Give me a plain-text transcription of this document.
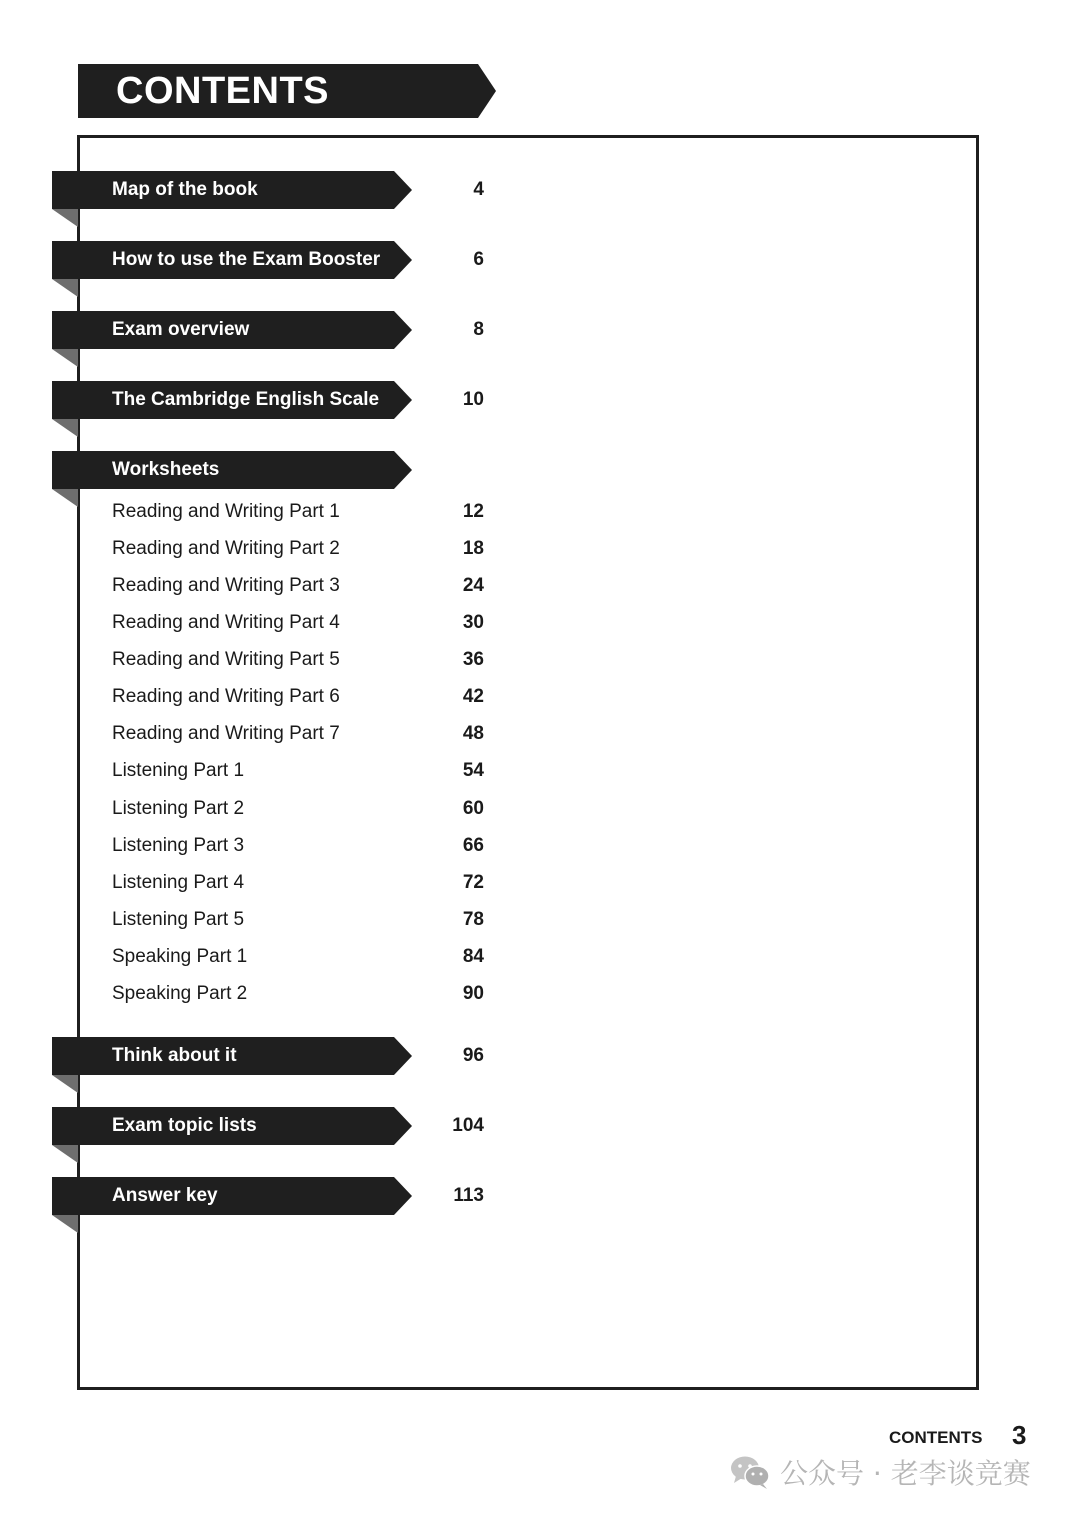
CONTENTS
Map of the book	4
How to use the Exam Booster	6
Exam overview	8
The Cambridge English Scale	10
Worksheets
Reading and Writing Part 1	12
Reading and Writing Part 2	18
Reading and Writing Part 3	24
Reading and Writing Part 4	30
Reading and Writing Part 5	36
Reading and Writing Part 6	42
Reading and Writing Part 7	48
Listening Part 1	54
Listening Part 2	60
Listening Part 3	66
Listening Part 4	72
Listening Part 5	78
Speaking Part 1	84
Speaking Part 2	90
Think about it	96
Exam topic lists	104
Answer key	113
CONTENTS 3
公众号 · 老李谈竞赛
